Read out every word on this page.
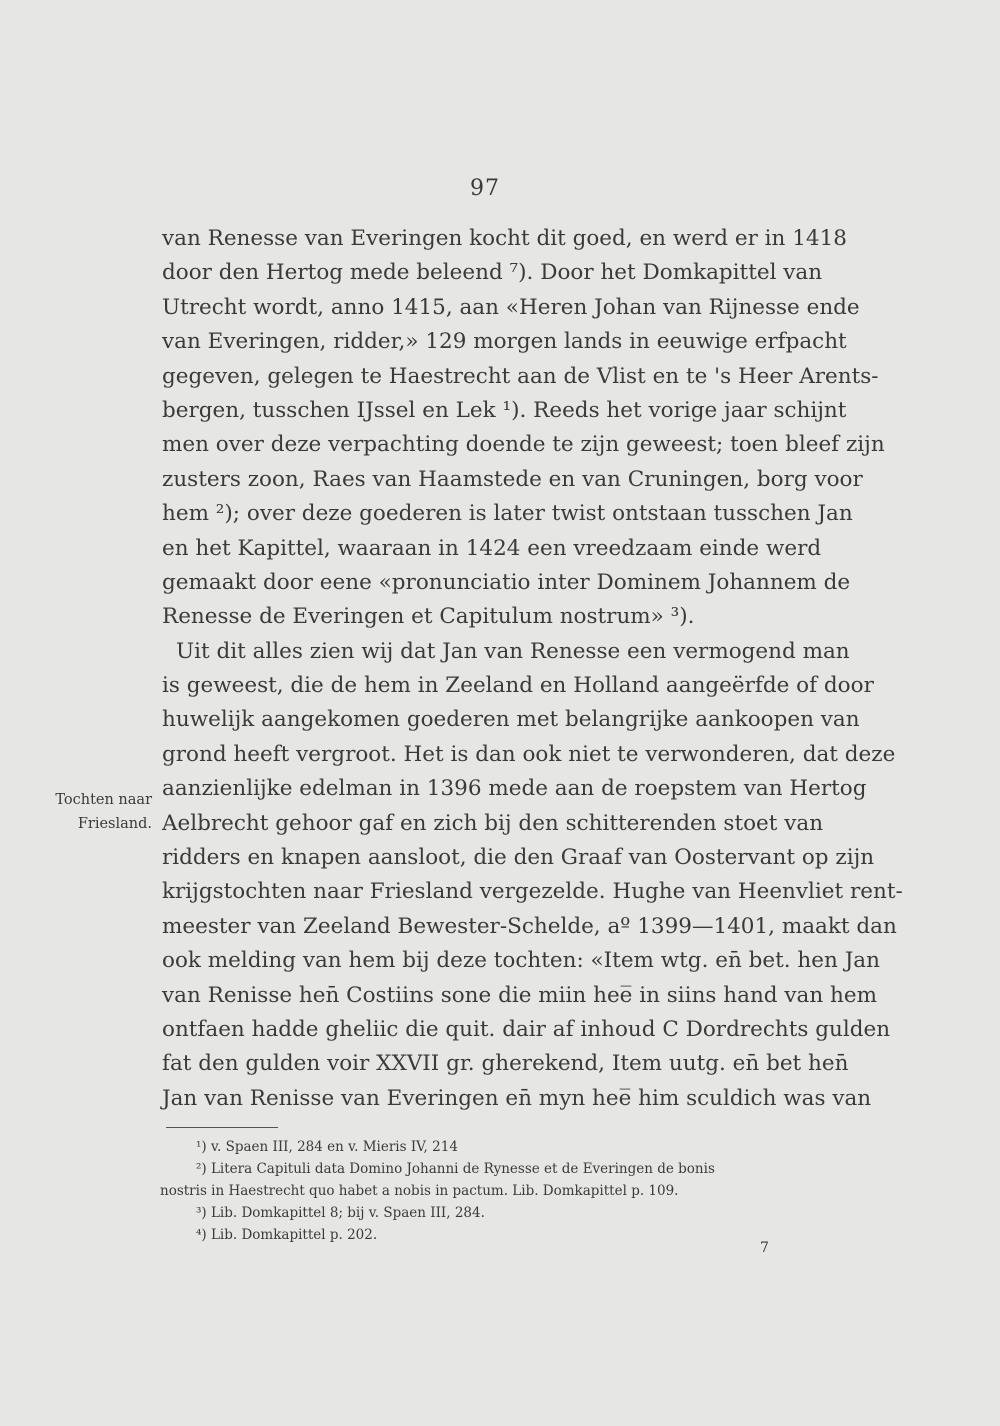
97
van Renesse van Everingen kocht dit goed, en werd er in 1418
door den Hertog mede beleend ⁷). Door het Domkapittel van
Utrecht wordt, anno 1415, aan «Heren Johan van Rijnesse ende
van Everingen, ridder,» 129 morgen lands in eeuwige erfpacht
gegeven, gelegen te Haestrecht aan de Vlist en te 's Heer Arents-
bergen, tusschen IJssel en Lek ¹). Reeds het vorige jaar schijnt
men over deze verpachting doende te zijn geweest; toen bleef zijn
zusters zoon, Raes van Haamstede en van Cruningen, borg voor
hem ²); over deze goederen is later twist ontstaan tusschen Jan
en het Kapittel, waaraan in 1424 een vreedzaam einde werd
gemaakt door eene «pronunciatio inter Dominem Johannem de
Renesse de Everingen et Capitulum nostrum» ³).
Uit dit alles zien wij dat Jan van Renesse een vermogend man
is geweest, die de hem in Zeeland en Holland aangeërfde of door
huwelijk aangekomen goederen met belangrijke aankoopen van
grond heeft vergroot. Het is dan ook niet te verwonderen, dat deze
aanzienlijke edelman in 1396 mede aan de roepstem van Hertog
Aelbrecht gehoor gaf en zich bij den schitterenden stoet van
ridders en knapen aansloot, die den Graaf van Oostervant op zijn
krijgstochten naar Friesland vergezelde. Hughe van Heenvliet rent-
meester van Zeeland Bewester-Schelde, aº 1399—1401, maakt dan
ook melding van hem bij deze tochten: «Item wtg. en̄ bet. hen Jan
van Renisse hen̄ Costiins sone die miin hee̅ in siins hand van hem
ontfaen hadde gheliic die quit. dair af inhoud C Dordrechts gulden
fat den gulden voir XXVII gr. gherekend, Item uutg. en̄ bet hen̄
Jan van Renisse van Everingen en̄ myn hee̅ him sculdich was van
Tochten naar
Friesland.
¹) v. Spaen III, 284 en v. Mieris IV, 214
²) Litera Capituli data Domino Johanni de Rynesse et de Everingen de bonis
nostris in Haestrecht quo habet a nobis in pactum. Lib. Domkapittel p. 109.
³) Lib. Domkapittel 8; bij v. Spaen III, 284.
⁴) Lib. Domkapittel p. 202.
7
